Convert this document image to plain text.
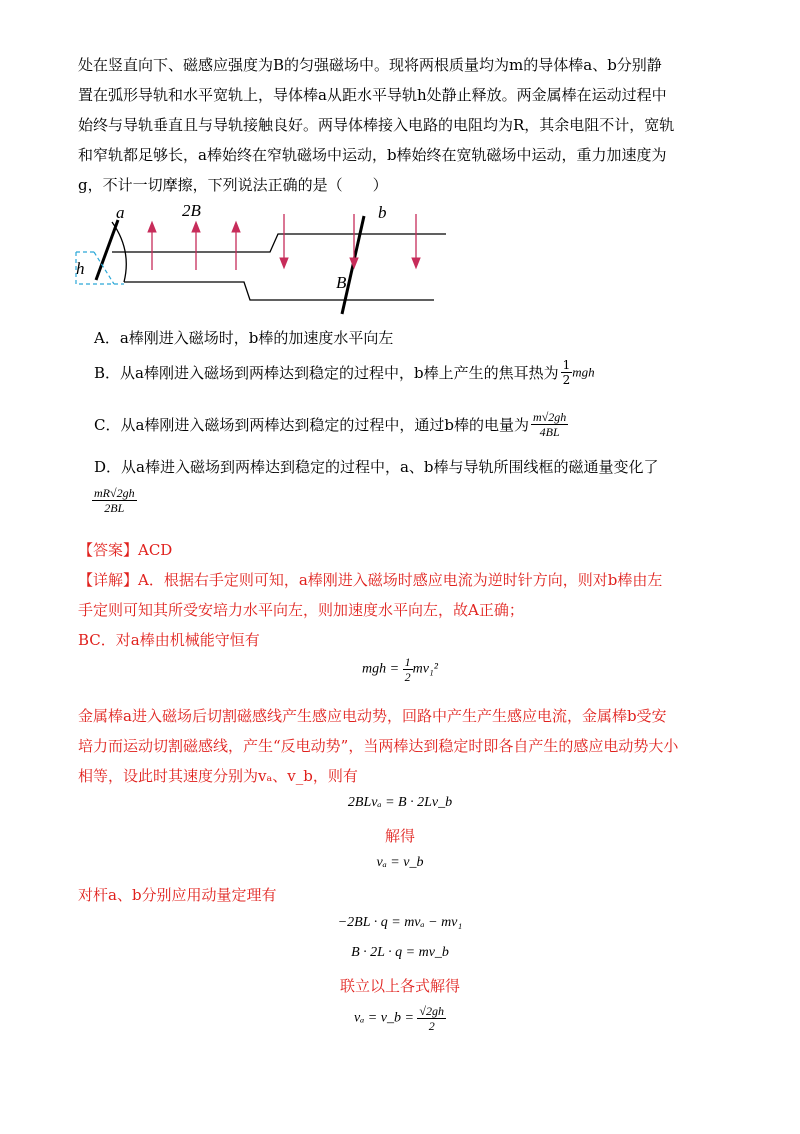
处在竖直向下、磁感应强度为B的匀强磁场中。现将两根质量均为m的导体棒a、b分别静
置在弧形导轨和水平宽轨上，导体棒a从距水平导轨h处静止释放。两金属棒在运动过程中
始终与导轨垂直且与导轨接触良好。两导体棒接入电路的电阻均为R，其余电阻不计，宽轨
和窄轨都足够长，a棒始终在窄轨磁场中运动，b棒始终在宽轨磁场中运动，重力加速度为
g，不计一切摩擦，下列说法正确的是（　　）
a	2B	b
h
B
A．a棒刚进入磁场时，b棒的加速度水平向左
B．从a棒刚进入磁场到两棒达到稳定的过程中，b棒上产生的焦耳热为 $\frac{1}{2}$ mgh
C．从a棒刚进入磁场到两棒达到稳定的过程中，通过b棒的电量为 $\frac{m√2gh}{4BL}$
D．从a棒进入磁场到两棒达到稳定的过程中，a、b棒与导轨所围线框的磁通量变化了
$\frac{mR√2gh}{2BL}$
【答案】ACD
【详解】A．根据右手定则可知，a棒刚进入磁场时感应电流为逆时针方向，则对b棒由左
手定则可知其所受安培力水平向左，则加速度水平向左，故A正确；
BC．对a棒由机械能守恒有
mgh = $\frac{1}{2} mv_1^2$
金属棒a进入磁场后切割磁感线产生感应电动势，回路中产生产生感应电流，金属棒b受安
培力而运动切割磁感线，产生“反电动势”，当两棒达到稳定时即各自产生的感应电动势大小
相等，设此时其速度分别为vₐ、v_b，则有
2BLvₐ = B · 2Lv_b
解得
vₐ = v_b
对杆a、b分别应用动量定理有
−2BL · q = mvₐ − mv₁
B · 2L · q = mv_b
联立以上各式解得
vₐ = v_b = $\frac{√2gh}{2}$
